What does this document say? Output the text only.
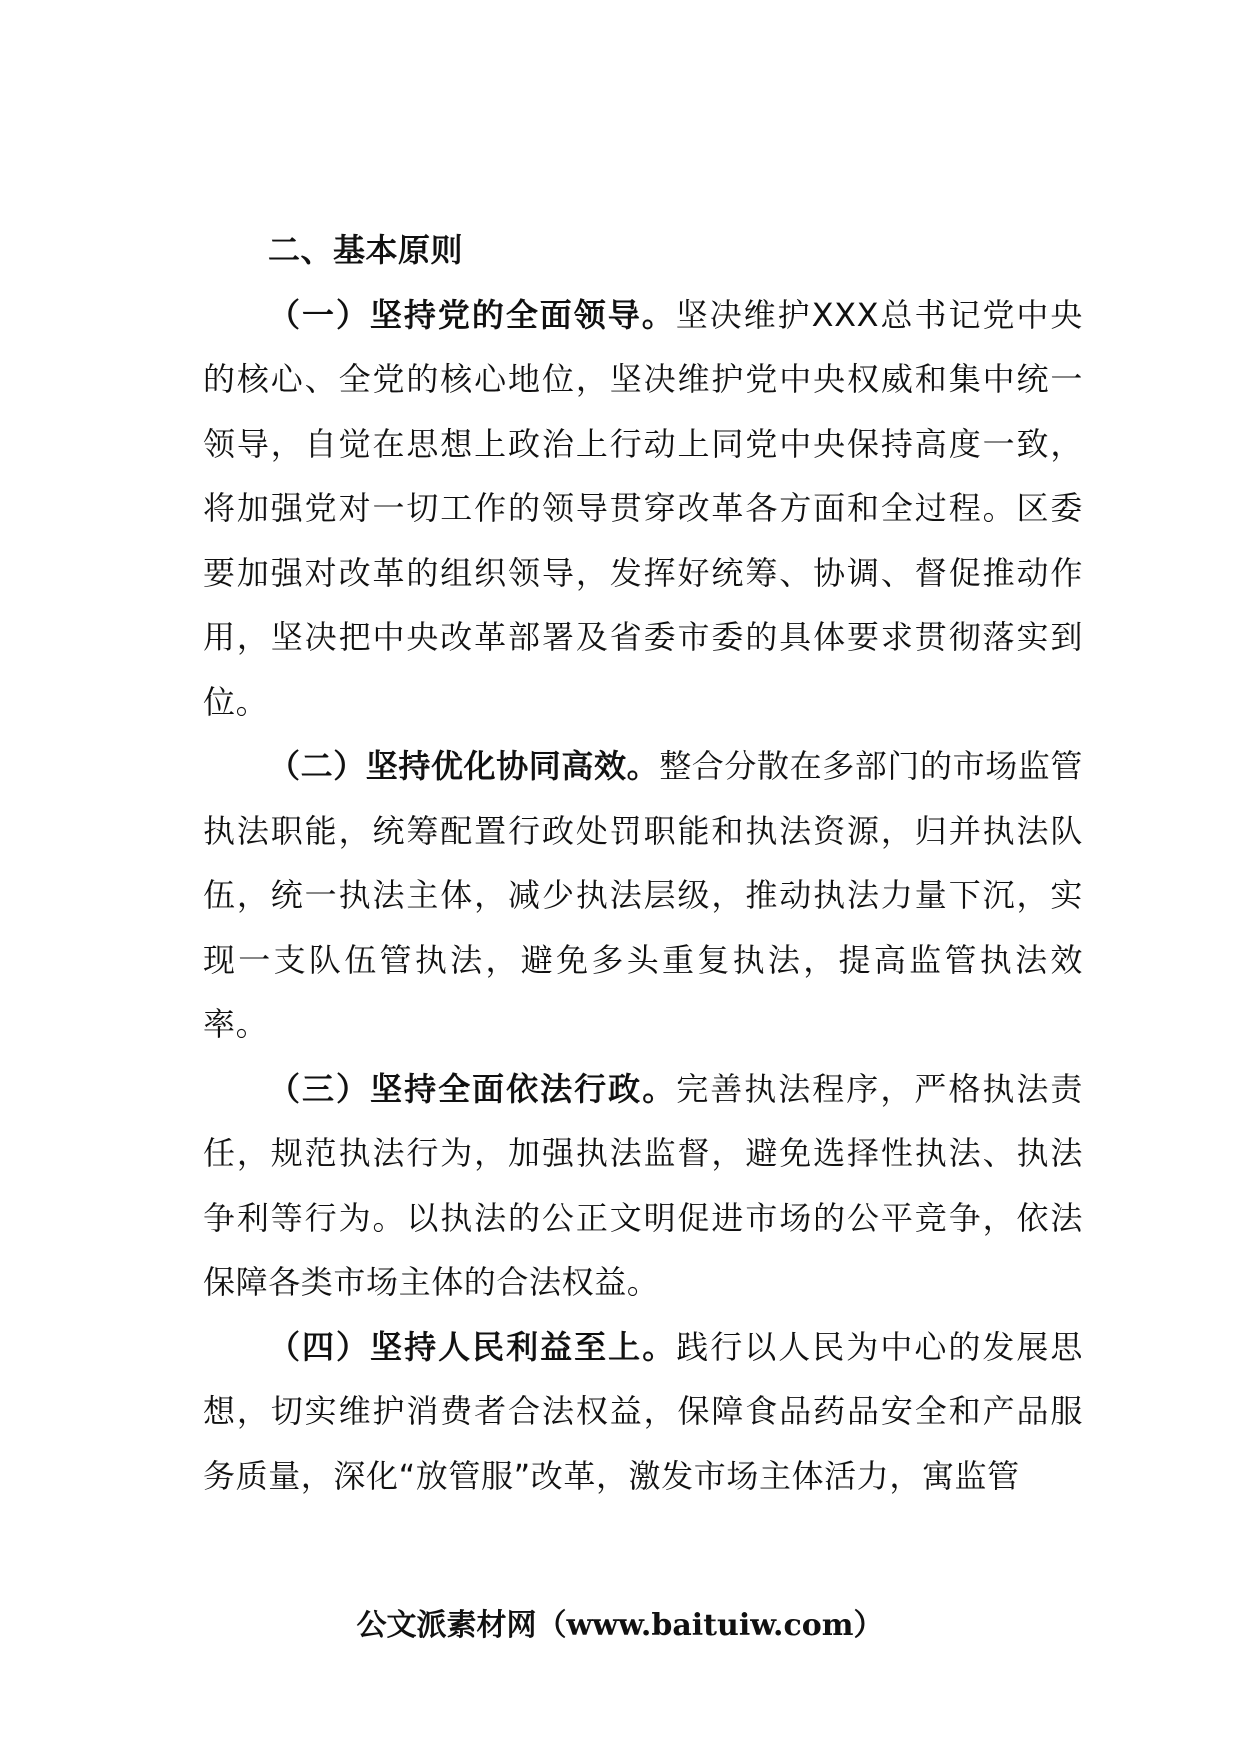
二、基本原则

（一）坚持党的全面领导。坚决维护XXX总书记党中央的核心、全党的核心地位，坚决维护党中央权威和集中统一领导，自觉在思想上政治上行动上同党中央保持高度一致，将加强党对一切工作的领导贯穿改革各方面和全过程。区委要加强对改革的组织领导，发挥好统筹、协调、督促推动作用，坚决把中央改革部署及省委市委的具体要求贯彻落实到位。

（二）坚持优化协同高效。整合分散在多部门的市场监管执法职能，统筹配置行政处罚职能和执法资源，归并执法队伍，统一执法主体，减少执法层级，推动执法力量下沉，实现一支队伍管执法，避免多头重复执法，提高监管执法效率。

（三）坚持全面依法行政。完善执法程序，严格执法责任，规范执法行为，加强执法监督，避免选择性执法、执法争利等行为。以执法的公正文明促进市场的公平竞争，依法保障各类市场主体的合法权益。

（四）坚持人民利益至上。践行以人民为中心的发展思想，切实维护消费者合法权益，保障食品药品安全和产品服务质量，深化“放管服”改革，激发市场主体活力，寓监管

公文派素材网（www.baituiw.com）
